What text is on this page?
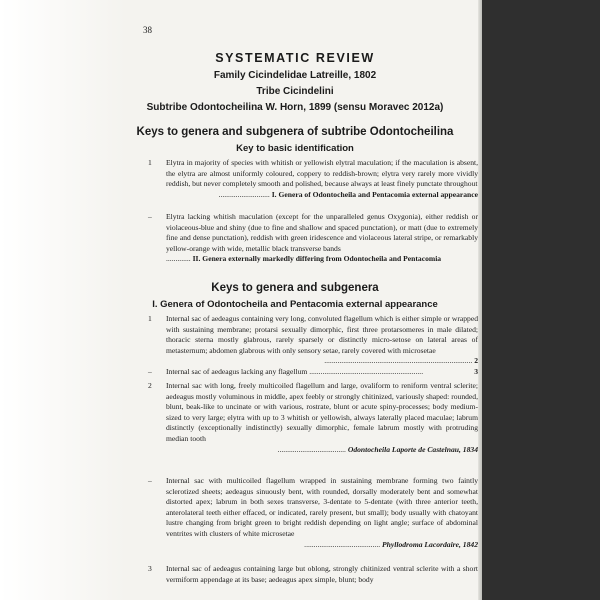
38
SYSTEMATIC REVIEW
Family Cicindelidae Latreille, 1802
Tribe Cicindelini
Subtribe Odontocheilina W. Horn, 1899 (sensu Moravec 2012a)
Keys to genera and subgenera of subtribe Odontocheilina
Key to basic identification
1 Elytra in majority of species with whitish or yellowish elytral maculation; if the maculation is absent, the elytra are almost uniformly coloured, coppery to reddish-brown; elytra very rarely more vividly reddish, but never completely smooth and polished, because always at least finely punctate throughout
........................... I. Genera of Odontocheila and Pentacomia external appearance
– Elytra lacking whitish maculation (except for the unparalleled genus Oxygonia), either reddish or violaceous-blue and shiny (due to fine and shallow and spaced punctation), or matt (due to extremely fine and dense punctation), reddish with green iridescence and violaceous lateral stripe, or remarkably yellow-orange with wide, metallic black transverse bands
............. II. Genera externally markedly differing from Odontocheila and Pentacomia
Keys to genera and subgenera
I. Genera of Odontocheila and Pentacomia external appearance
1 Internal sac of aedeagus containing very long, convoluted flagellum which is either simple or wrapped with sustaining membrane; protarsi sexually dimorphic, first three protarsomeres in male dilated; thoracic sterna mostly glabrous, rarely sparsely or distinctly micro-setose on lateral areas of metasternum; abdomen glabrous with only sensory setae, rarely covered with microsetae
.............................................................................. 2
– Internal sac of aedeagus lacking any flagellum ............................................................	3
2 Internal sac with long, freely multicoiled flagellum and large, ovaliform to reniform ventral sclerite; aedeagus mostly voluminous in middle, apex feebly or strongly chitinized, variously shaped: rounded, blunt, beak-like to uncinate or with various, rostrate, blunt or acute spiny-processes; body medium-sized to very large; elytra with up to 3 whitish or yellowish, always laterally placed maculae; labrum distinctly (exceptionally indistinctly) sexually dimorphic, female labrum mostly with protruding median tooth
.................................... Odontocheila Laporte de Castelnau, 1834
– Internal sac with multicoiled flagellum wrapped in sustaining membrane forming two faintly sclerotized sheets; aedeagus sinuously bent, with rounded, dorsally moderately bent and somewhat distorted apex; labrum in both sexes transverse, 3-dentate to 5-dentate (with three anterior teeth, anterolateral teeth either effaced, or indicated, rarely present, but small); body usually with chatoyant lustre changing from bright green to bright reddish depending on light angle; surface of abdominal ventrites with clusters of white microsetae
........................................ Phyllodroma Lacordaire, 1842
3 Internal sac of aedeagus containing large but oblong, strongly chitinized ventral sclerite with a short vermiform appendage at its base; aedeagus apex simple, blunt; body
